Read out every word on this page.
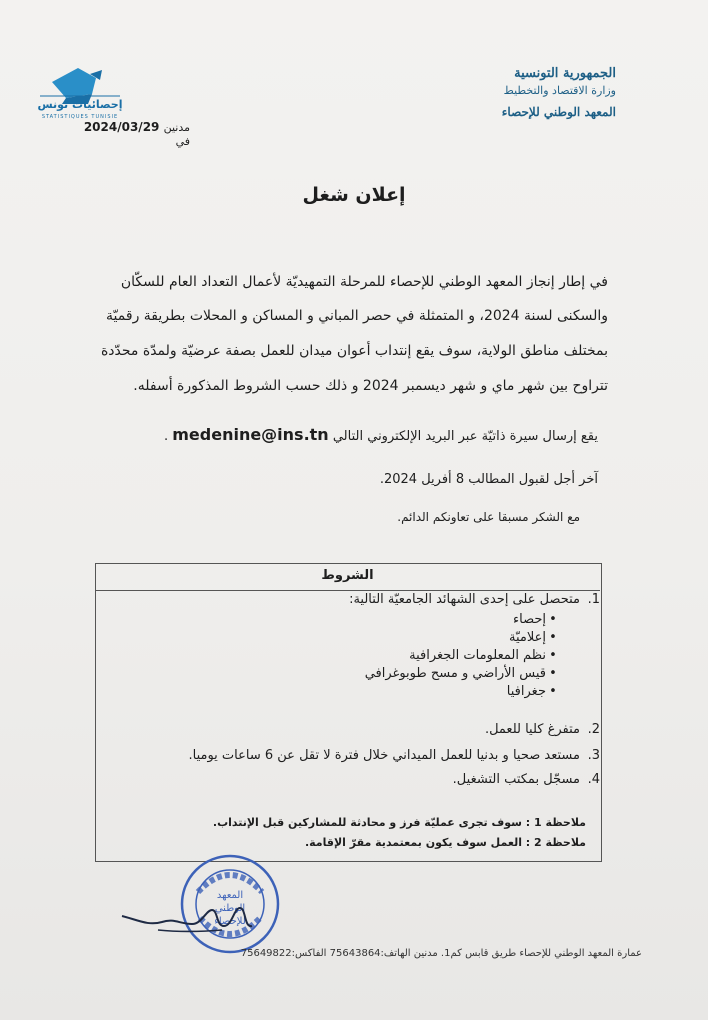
الجمهورية التونسية
وزارة الاقتصاد والتخطيط
المعهد الوطني للإحصاء
إحصائيات تونس
STATISTIQUES TUNISIE
2024/03/29 مدنين في
إعلان شغل
في إطار إنجاز المعهد الوطني للإحصاء للمرحلة التمهيديّة لأعمال التعداد العام للسكّان
والسكنى لسنة 2024، و المتمثلة في حصر المباني و المساكن و المحلات بطريقة رقميّة
بمختلف مناطق الولاية، سوف يقع إنتداب أعوان ميدان للعمل بصفة عرضيّة ولمدّة محدّدة
تتراوح بين شهر ماي و شهر ديسمبر 2024 و ذلك حسب الشروط المذكورة أسفله.
يقع إرسال سيرة ذاتيّة عبر البريد الإلكتروني التالي medenine@ins.tn .
آخر أجل لقبول المطالب 8 أفريل 2024.
مع الشكر مسبقا على تعاونكم الدائم.
الشروط
1.
متحصل على إحدى الشهائد الجامعيّة التالية:
•إحصاء
•إعلاميّة
•نظم المعلومات الجغرافية
•قيس الأراضي و مسح طوبوغرافي
•جغرافيا
2.
متفرغ كليا للعمل.
3.
مستعد صحيا و بدنيا للعمل الميداني خلال فترة لا تقل عن 6 ساعات يوميا.
4.
مسجّل بمكتب التشغيل.
ملاحظة 1 : سوف تجرى عمليّة فرز و محادثة للمشاركين قبل الإنتداب.
ملاحظة 2 : العمل سوف يكون بمعتمدية مقرّ الإقامة.
المعهد
الوطني
للإحصاء
عمارة المعهد الوطني للإحصاء طريق قابس كم1. مدنين الهاتف:75643864 الفاكس:75649822
